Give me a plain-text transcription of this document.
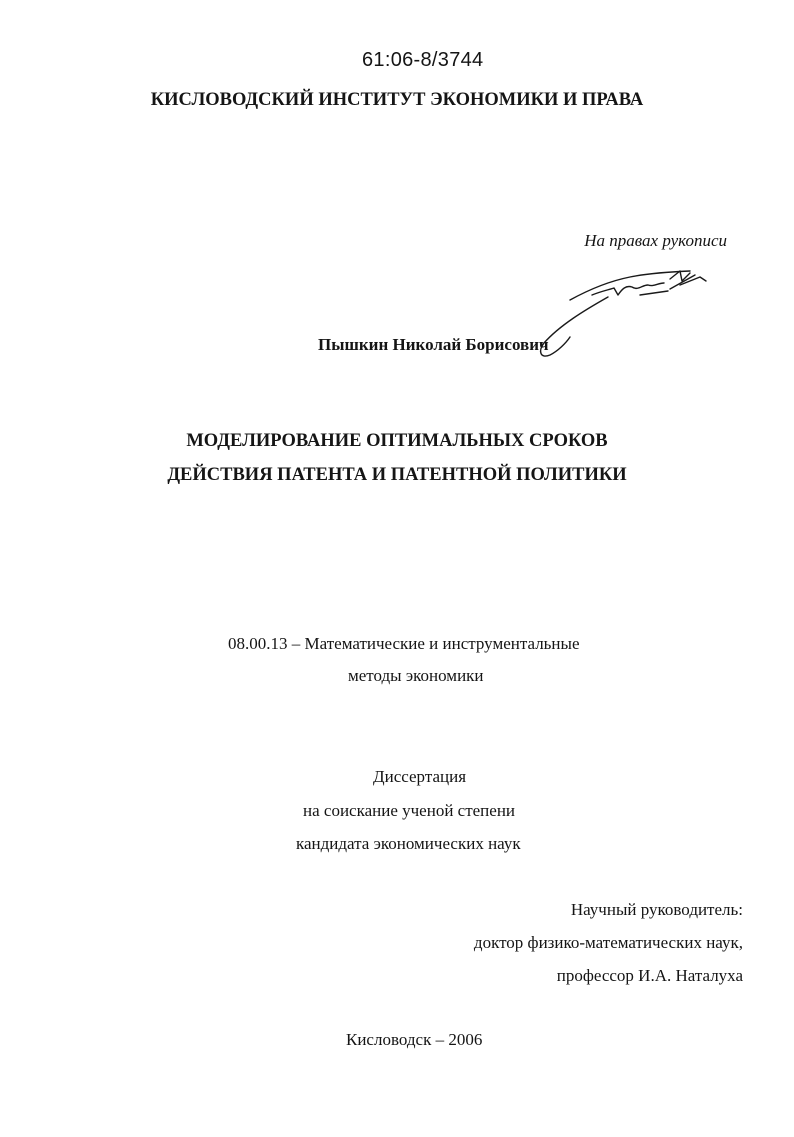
61:06-8/3744
КИСЛОВОДСКИЙ ИНСТИТУТ ЭКОНОМИКИ И ПРАВА
На правах рукописи
Пышкин Николай Борисович
МОДЕЛИРОВАНИЕ ОПТИМАЛЬНЫХ СРОКОВ
ДЕЙСТВИЯ ПАТЕНТА И ПАТЕНТНОЙ ПОЛИТИКИ
08.00.13 – Математические и инструментальные
методы экономики
Диссертация
на соискание ученой степени
кандидата экономических наук
Научный руководитель:
доктор физико-математических наук,
профессор И.А. Наталуха
Кисловодск – 2006
